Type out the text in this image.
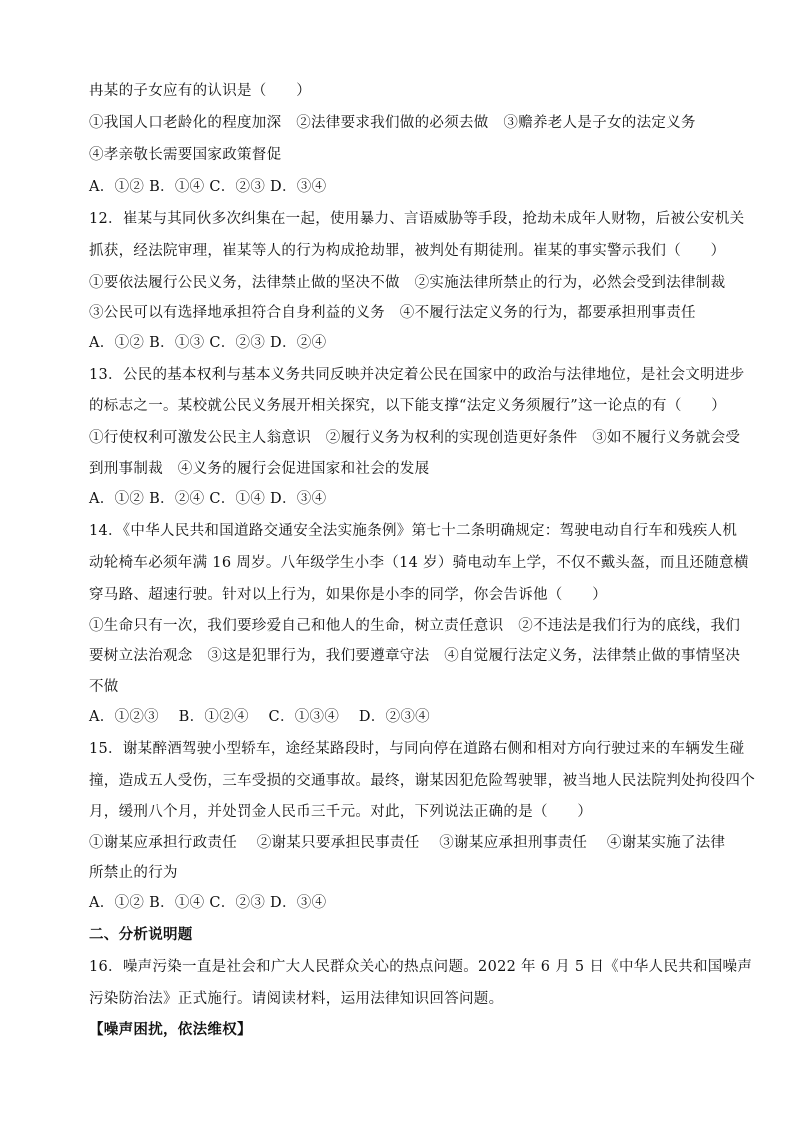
冉某的子女应有的认识是（　　）
①我国人口老龄化的程度加深　②法律要求我们做的必须去做　③赡养老人是子女的法定义务
④孝亲敬长需要国家政策督促
A．①② B．①④ C．②③ D．③④
12．崔某与其同伙多次纠集在一起，使用暴力、言语威胁等手段，抢劫未成年人财物，后被公安机关
抓获，经法院审理，崔某等人的行为构成抢劫罪，被判处有期徒刑。崔某的事实警示我们（　　）
①要依法履行公民义务，法律禁止做的坚决不做　②实施法律所禁止的行为，必然会受到法律制裁
③公民可以有选择地承担符合自身利益的义务　④不履行法定义务的行为，都要承担刑事责任
A．①② B．①③ C．②③ D．②④
13．公民的基本权利与基本义务共同反映并决定着公民在国家中的政治与法律地位，是社会文明进步
的标志之一。某校就公民义务展开相关探究，以下能支撑“法定义务须履行”这一论点的有（　　）
①行使权利可激发公民主人翁意识　②履行义务为权利的实现创造更好条件　③如不履行义务就会受
到刑事制裁　④义务的履行会促进国家和社会的发展
A．①② B．②④ C．①④ D．③④
14．《中华人民共和国道路交通安全法实施条例》第七十二条明确规定：驾驶电动自行车和残疾人机
动轮椅车必须年满 16 周岁。八年级学生小李（14 岁）骑电动车上学，不仅不戴头盔，而且还随意横
穿马路、超速行驶。针对以上行为，如果你是小李的同学，你会告诉他（　　）
①生命只有一次，我们要珍爱自己和他人的生命，树立责任意识　②不违法是我们行为的底线，我们
要树立法治观念　③这是犯罪行为，我们要遵章守法　④自觉履行法定义务，法律禁止做的事情坚决
不做
A．①②③　 B．①②④　 C．①③④　 D．②③④
15．谢某醉酒驾驶小型轿车，途经某路段时，与同向停在道路右侧和相对方向行驶过来的车辆发生碰
撞，造成五人受伤，三车受损的交通事故。最终，谢某因犯危险驾驶罪，被当地人民法院判处拘役四个
月，缓刑八个月，并处罚金人民币三千元。对此，下列说法正确的是（　　）
①谢某应承担行政责任　 ②谢某只要承担民事责任　 ③谢某应承担刑事责任　 ④谢某实施了法律
所禁止的行为
A．①② B．①④ C．②③ D．③④
二、分析说明题
16．噪声污染一直是社会和广大人民群众关心的热点问题。2022 年 6 月 5 日《中华人民共和国噪声
污染防治法》正式施行。请阅读材料，运用法律知识回答问题。
【噪声困扰，依法维权】
